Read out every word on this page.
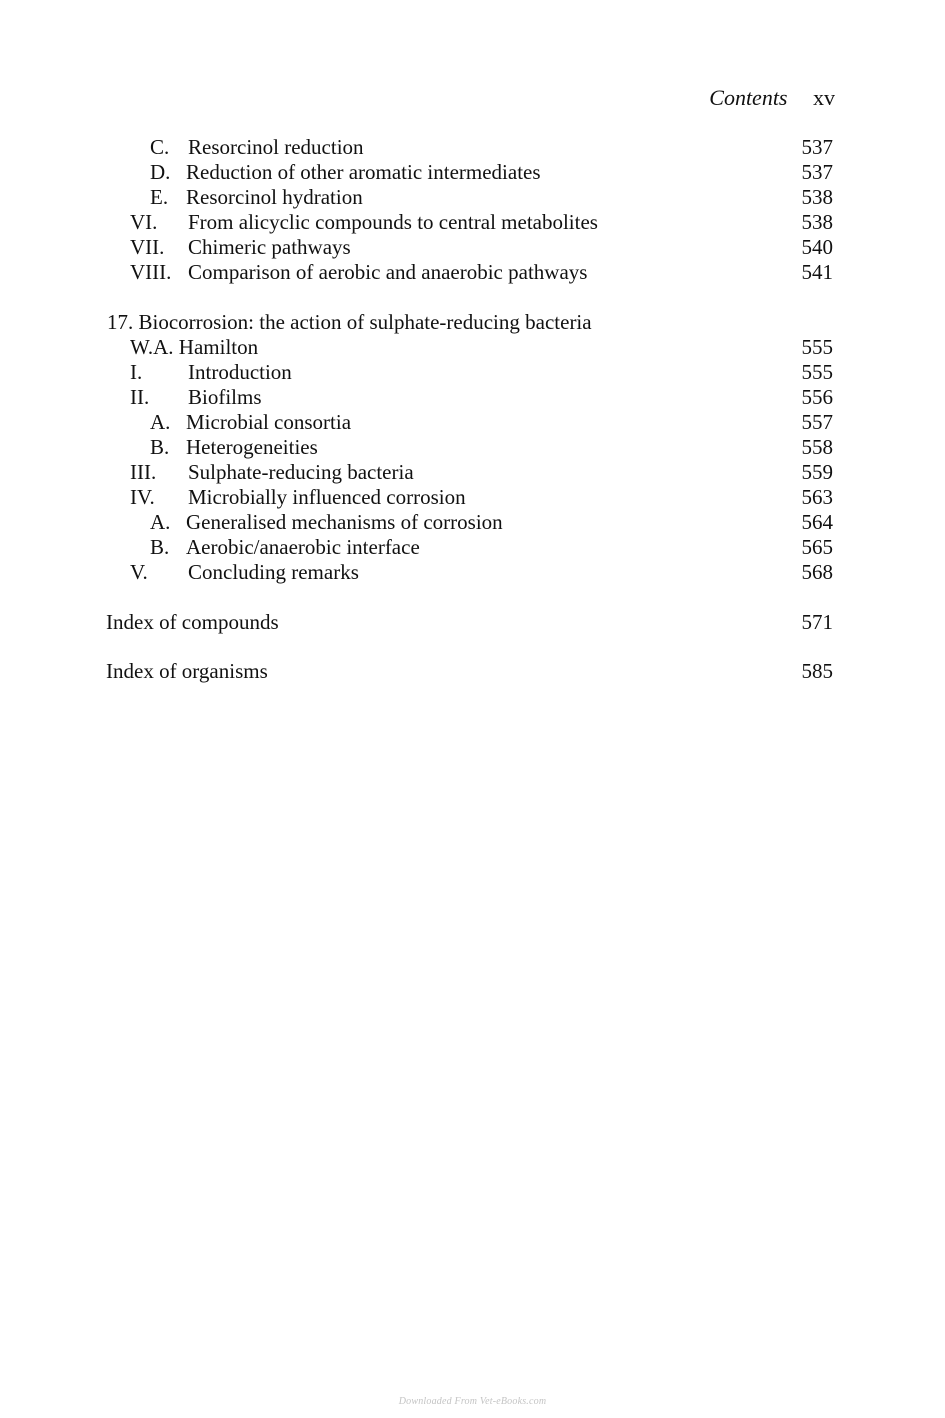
Contents xv
C. Resorcinol reduction	537
D. Reduction of other aromatic intermediates	537
E. Resorcinol hydration	538
VI. From alicyclic compounds to central metabolites	538
VII. Chimeric pathways	540
VIII. Comparison of aerobic and anaerobic pathways	541
17. Biocorrosion: the action of sulphate-reducing bacteria
W.A. Hamilton	555
I. Introduction	555
II. Biofilms	556
A. Microbial consortia	557
B. Heterogeneities	558
III. Sulphate-reducing bacteria	559
IV. Microbially influenced corrosion	563
A. Generalised mechanisms of corrosion	564
B. Aerobic/anaerobic interface	565
V. Concluding remarks	568
Index of compounds	571
Index of organisms	585
Downloaded From Vet-eBooks.com
